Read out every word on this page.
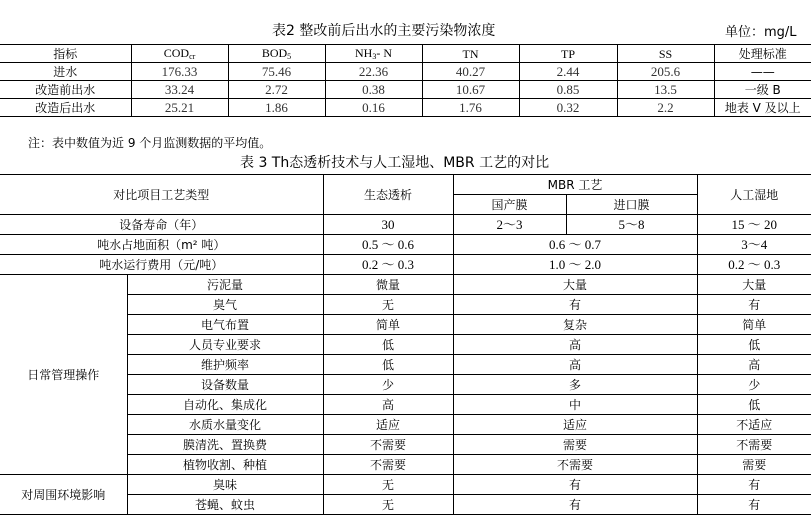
表2 整改前后出水的主要污染物浓度	单位：mg/L
指标	$COD_{cr}$	$BOD_5$	$NH_3-$ N	TN	TP	SS	处理标准
进水	176.33	75.46	22.36	40.27	2.44	205.6	——
改造前出水	33.24	2.72	0.38	10.67	0.85	13.5	一级 B
改造后出水	25.21	1.86	0.16	1.76	0.32	2.2	地表 V 及以上
注：表中数值为近 9 个月监测数据的平均值。
表 3 Th态透析技术与人工湿地、MBR 工艺的对比
对比项目工艺类型		生态透析	MBR 工艺		人工湿地
			国产膜	进口膜	
设备寿命（年）		30	2～3	5～8	15 ～ 20
吨水占地面积（m² 吨）		0.5 ～ 0.6	0.6 ～ 0.7		3～4
吨水运行费用（元/吨）		0.2 ～ 0.3	1.0 ～ 2.0		0.2 ～ 0.3
日常管理操作	污泥量	微量	大量		大量
	臭气	无	有		有
	电气布置	简单	复杂		简单
	人员专业要求	低	高		低
	维护频率	低	高		高
	设备数量	少	多		少
	自动化、集成化	高	中		低
	水质水量变化	适应	适应		不适应
	膜清洗、置换费	不需要	需要		不需要
	植物收割、种植	不需要	不需要		需要
对周围环境影响	臭味	无	有		有
	苍蝇、蚊虫	无	有		有
